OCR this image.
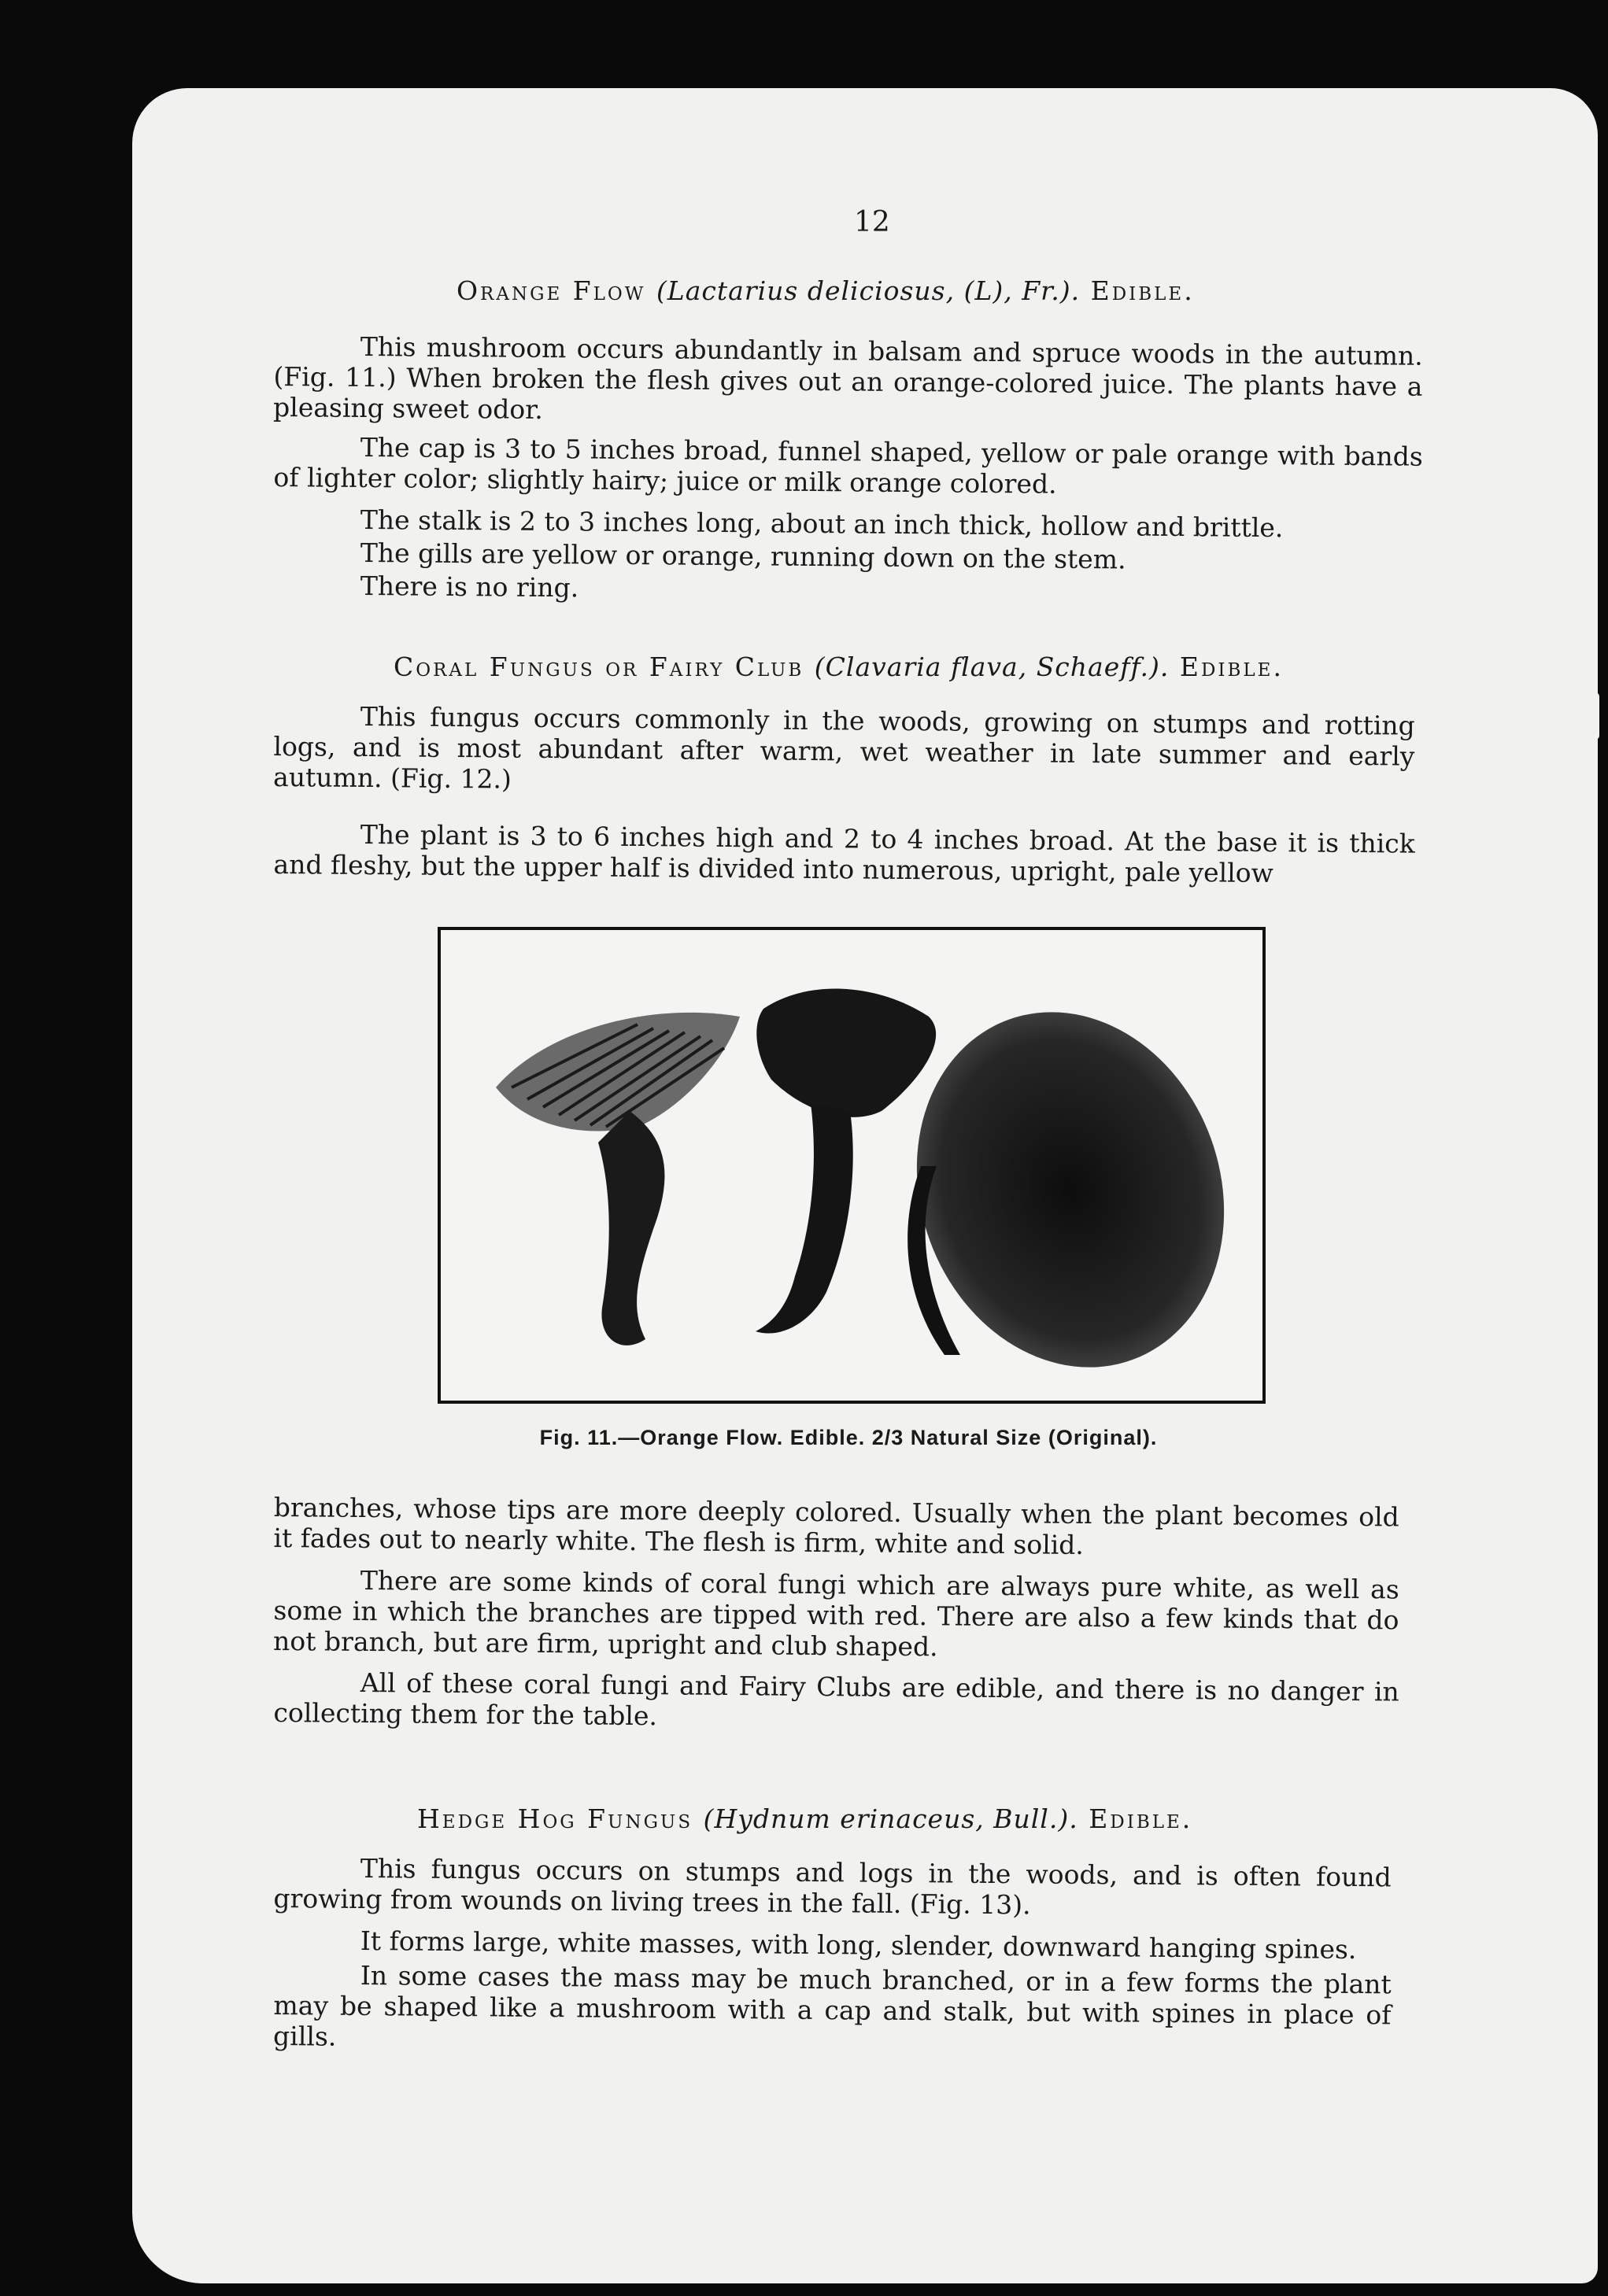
12
Orange Flow (Lactarius deliciosus, (L), Fr.). Edible.

This mushroom occurs abundantly in balsam and spruce woods in the autumn. (Fig. 11.) When broken the flesh gives out an orange-colored juice. The plants have a pleasing sweet odor.

The cap is 3 to 5 inches broad, funnel shaped, yellow or pale orange with bands of lighter color; slightly hairy; juice or milk orange colored.

The stalk is 2 to 3 inches long, about an inch thick, hollow and brittle.

The gills are yellow or orange, running down on the stem.

There is no ring.

Coral Fungus or Fairy Club (Clavaria flava, Schaeff.). Edible.

This fungus occurs commonly in the woods, growing on stumps and rotting logs, and is most abundant after warm, wet weather in late summer and early autumn. (Fig. 12.)

The plant is 3 to 6 inches high and 2 to 4 inches broad. At the base it is thick and fleshy, but the upper half is divided into numerous, upright, pale yellow

Fig. 11.—Orange Flow. Edible. 2/3 Natural Size (Original).

branches, whose tips are more deeply colored. Usually when the plant becomes old it fades out to nearly white. The flesh is firm, white and solid.

There are some kinds of coral fungi which are always pure white, as well as some in which the branches are tipped with red. There are also a few kinds that do not branch, but are firm, upright and club shaped.

All of these coral fungi and Fairy Clubs are edible, and there is no danger in collecting them for the table.

Hedge Hog Fungus (Hydnum erinaceus, Bull.). Edible.

This fungus occurs on stumps and logs in the woods, and is often found growing from wounds on living trees in the fall. (Fig. 13).

It forms large, white masses, with long, slender, downward hanging spines.

In some cases the mass may be much branched, or in a few forms the plant may be shaped like a mushroom with a cap and stalk, but with spines in place of gills.
